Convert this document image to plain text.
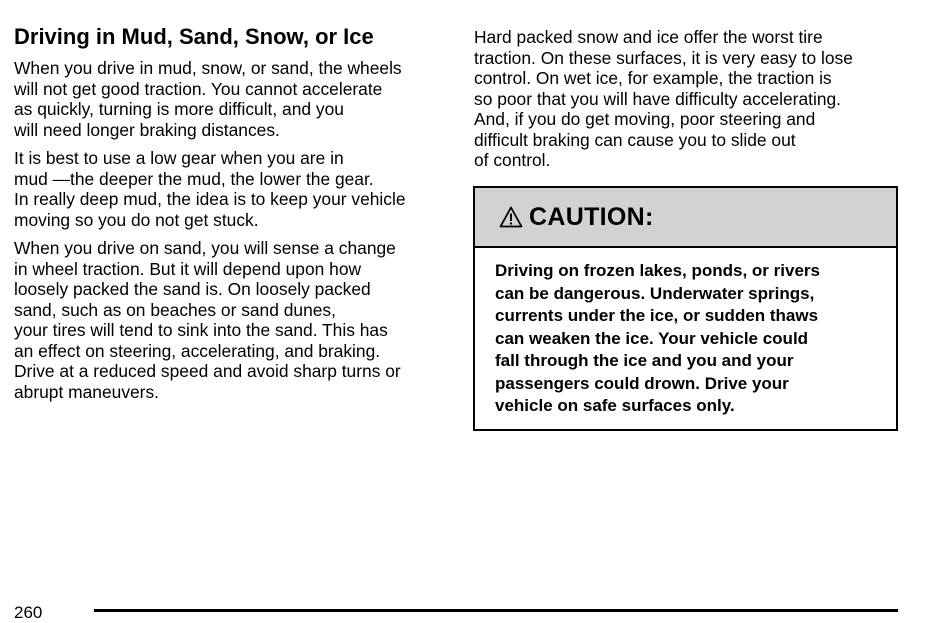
Driving in Mud, Sand, Snow, or Ice
When you drive in mud, snow, or sand, the wheels
will not get good traction. You cannot accelerate
as quickly, turning is more difficult, and you
will need longer braking distances.
It is best to use a low gear when you are in
mud —the deeper the mud, the lower the gear.
In really deep mud, the idea is to keep your vehicle
moving so you do not get stuck.
When you drive on sand, you will sense a change
in wheel traction. But it will depend upon how
loosely packed the sand is. On loosely packed
sand, such as on beaches or sand dunes,
your tires will tend to sink into the sand. This has
an effect on steering, accelerating, and braking.
Drive at a reduced speed and avoid sharp turns or
abrupt maneuvers.
Hard packed snow and ice offer the worst tire
traction. On these surfaces, it is very easy to lose
control. On wet ice, for example, the traction is
so poor that you will have difficulty accelerating.
And, if you do get moving, poor steering and
difficult braking can cause you to slide out
of control.
CAUTION:
Driving on frozen lakes, ponds, or rivers
can be dangerous. Underwater springs,
currents under the ice, or sudden thaws
can weaken the ice. Your vehicle could
fall through the ice and you and your
passengers could drown. Drive your
vehicle on safe surfaces only.
260
